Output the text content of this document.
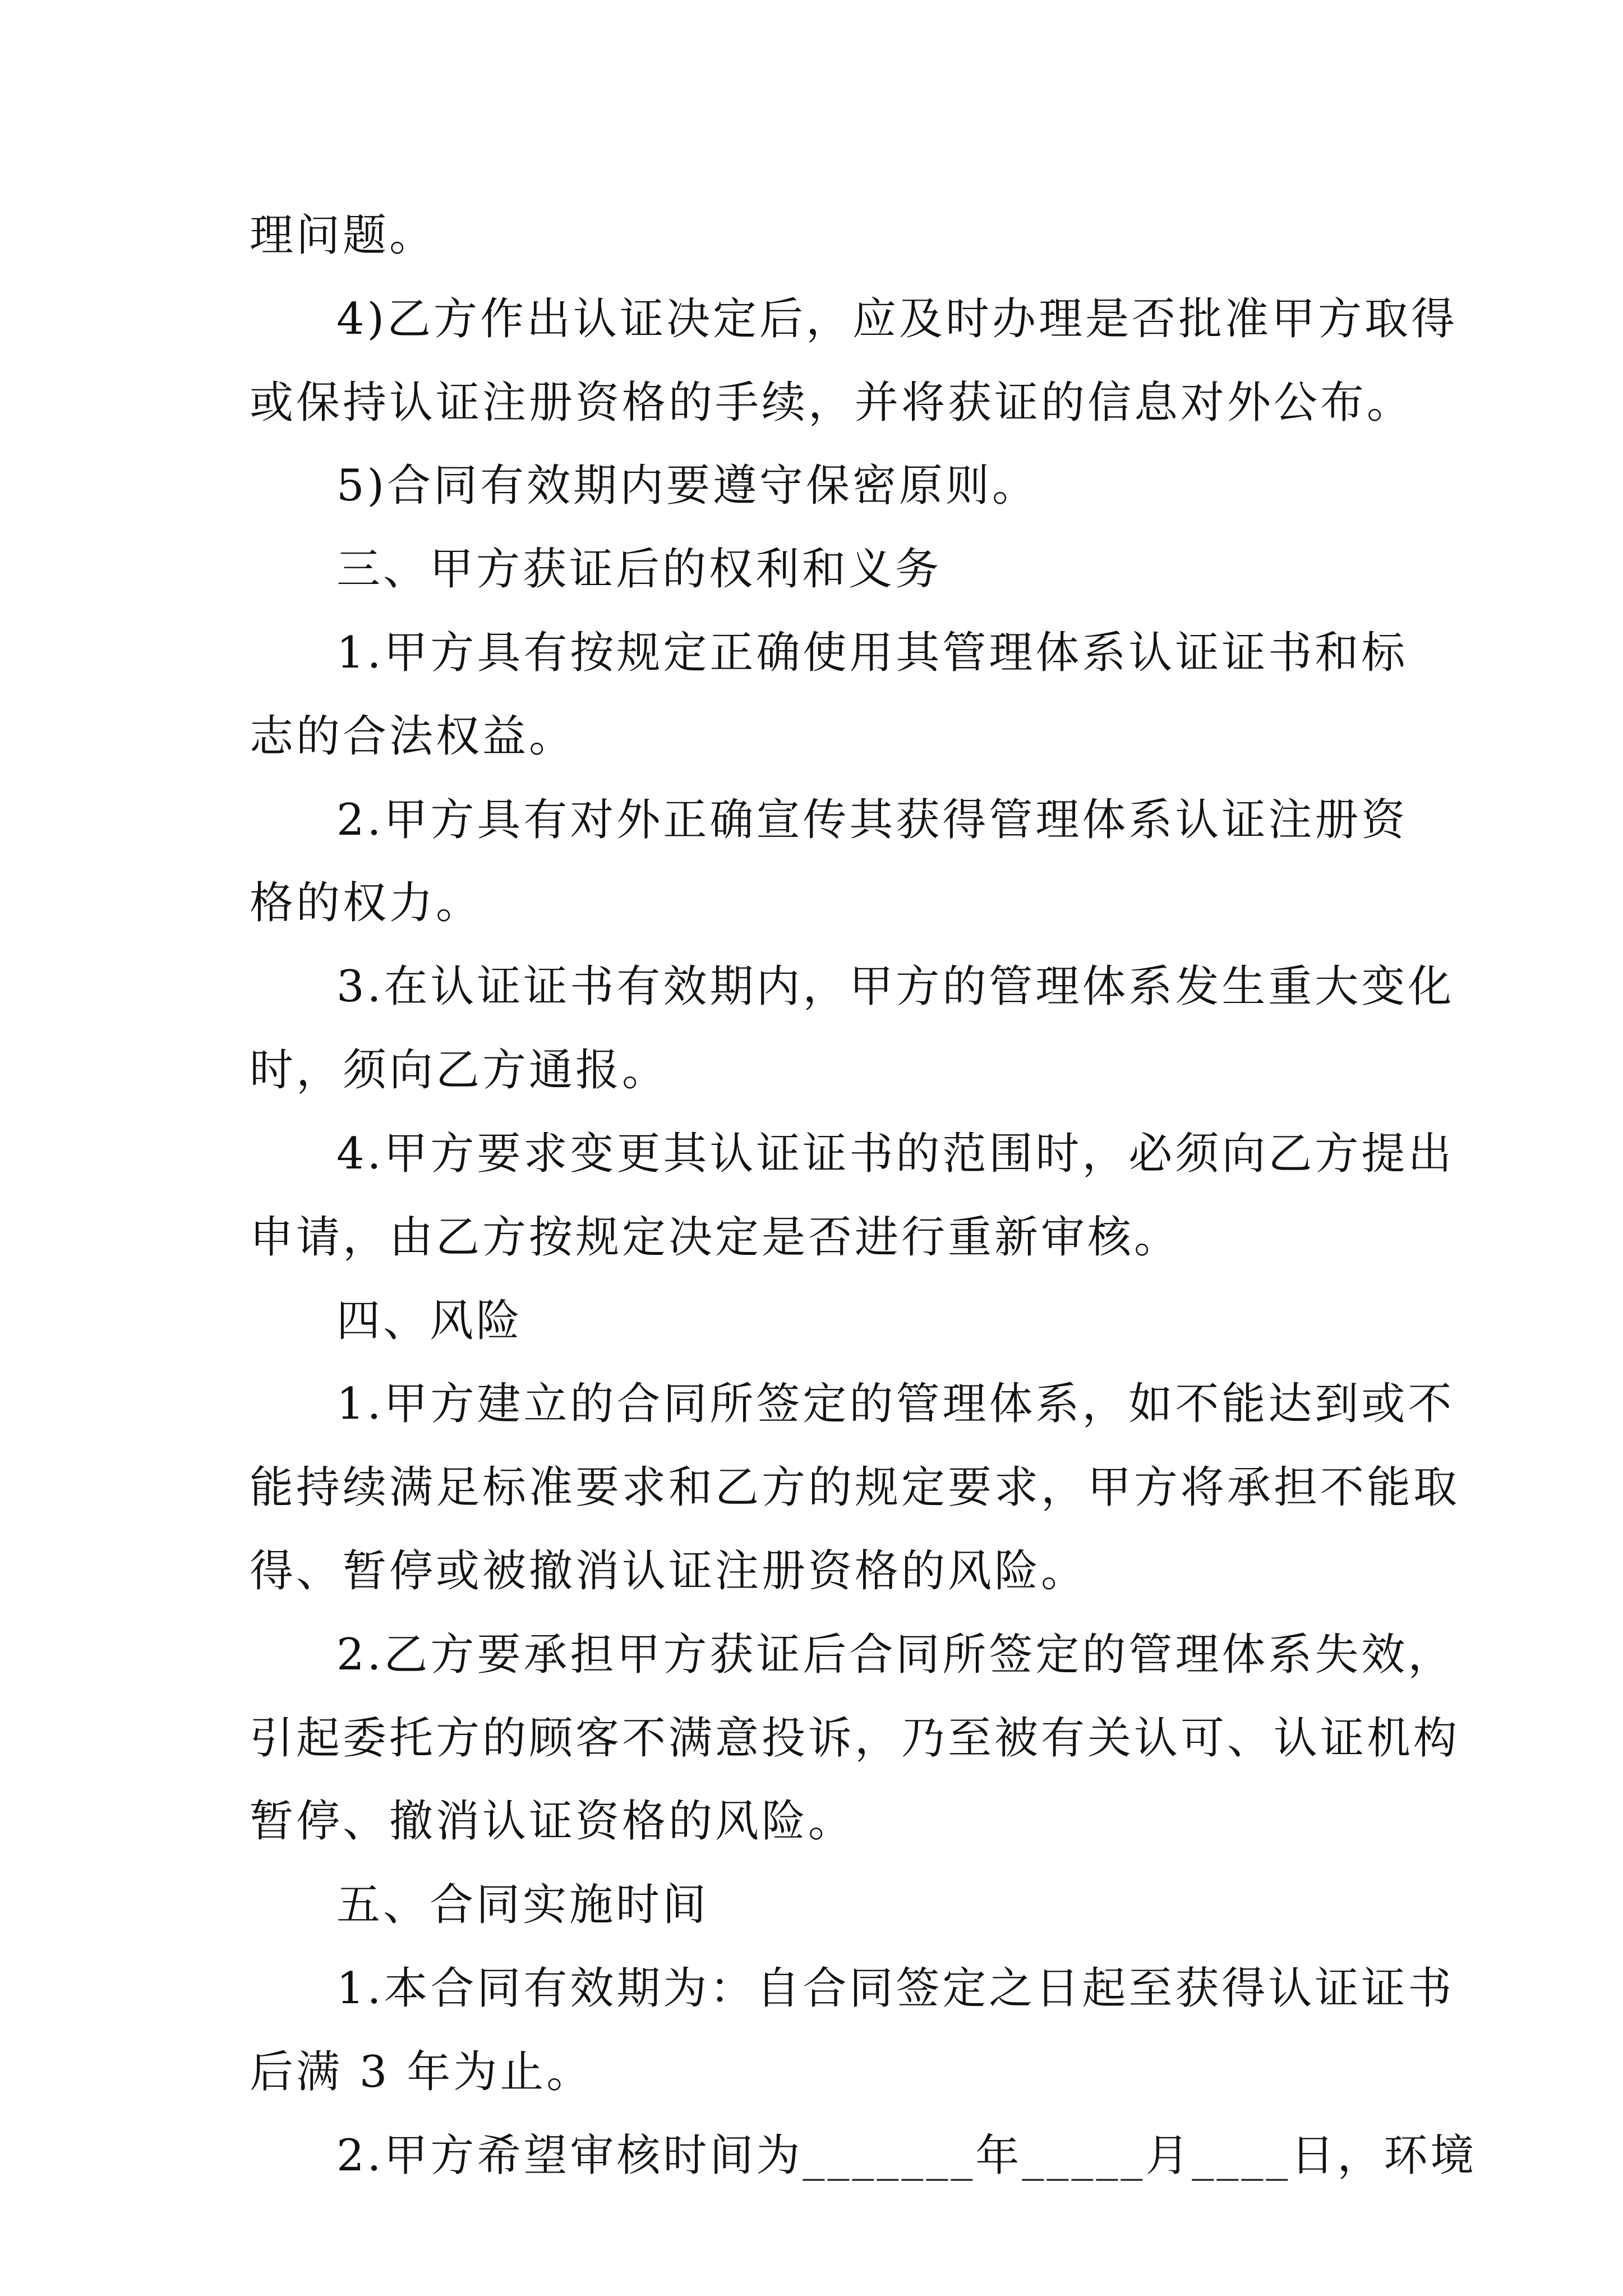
理问题。
4)乙方作出认证决定后，应及时办理是否批准甲方取得
或保持认证注册资格的手续，并将获证的信息对外公布。
5)合同有效期内要遵守保密原则。
三、甲方获证后的权利和义务
1.甲方具有按规定正确使用其管理体系认证证书和标
志的合法权益。
2.甲方具有对外正确宣传其获得管理体系认证注册资
格的权力。
3.在认证证书有效期内，甲方的管理体系发生重大变化
时，须向乙方通报。
4.甲方要求变更其认证证书的范围时，必须向乙方提出
申请，由乙方按规定决定是否进行重新审核。
四、风险
1.甲方建立的合同所签定的管理体系，如不能达到或不
能持续满足标准要求和乙方的规定要求，甲方将承担不能取
得、暂停或被撤消认证注册资格的风险。
2.乙方要承担甲方获证后合同所签定的管理体系失效，
引起委托方的顾客不满意投诉，乃至被有关认可、认证机构
暂停、撤消认证资格的风险。
五、合同实施时间
1.本合同有效期为：自合同签定之日起至获得认证证书
后满 3 年为止。
2.甲方希望审核时间为_______年_____月____日，环境
